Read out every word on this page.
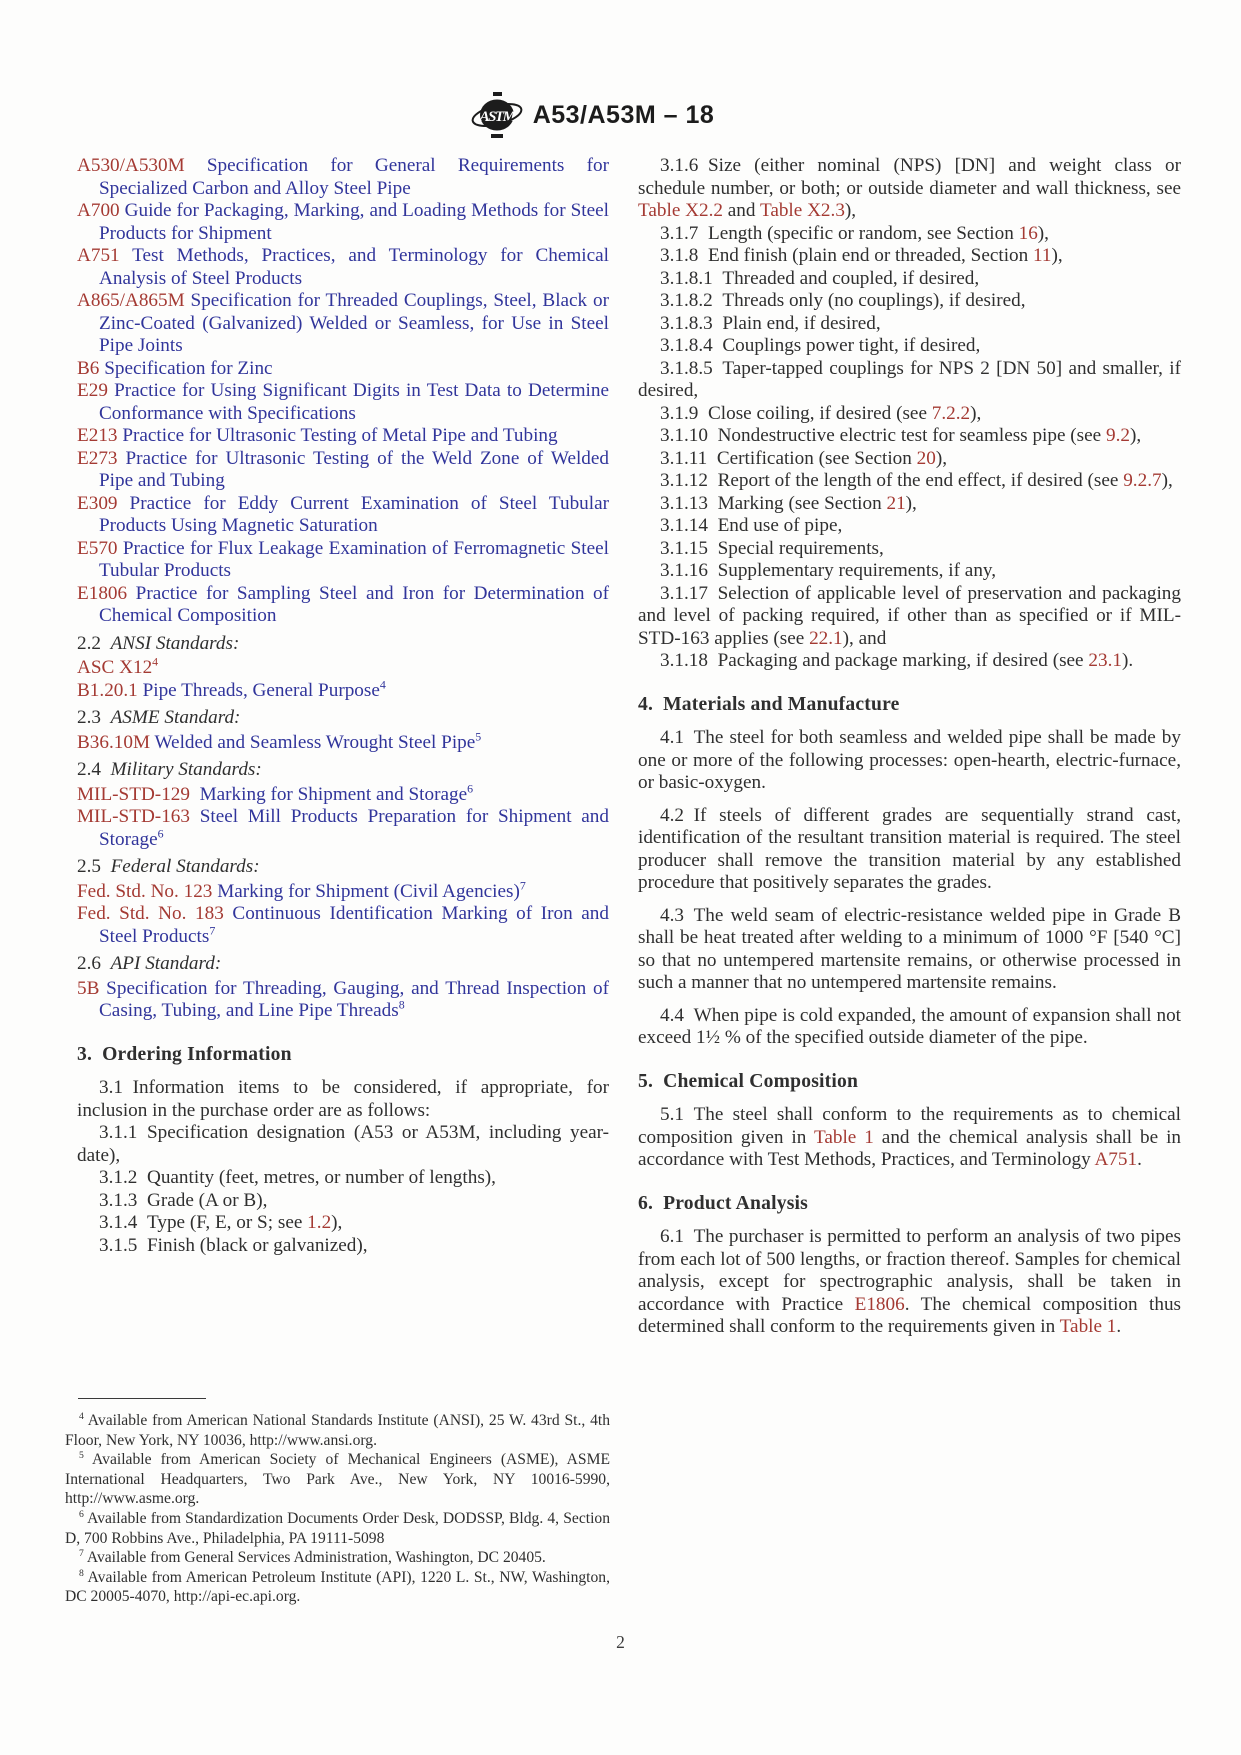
ASTM A53/A53M – 18
A530/A530M Specification for General Requirements for Specialized Carbon and Alloy Steel Pipe
A700 Guide for Packaging, Marking, and Loading Methods for Steel Products for Shipment
A751 Test Methods, Practices, and Terminology for Chemical Analysis of Steel Products
A865/A865M Specification for Threaded Couplings, Steel, Black or Zinc-Coated (Galvanized) Welded or Seamless, for Use in Steel Pipe Joints
B6 Specification for Zinc
E29 Practice for Using Significant Digits in Test Data to Determine Conformance with Specifications
E213 Practice for Ultrasonic Testing of Metal Pipe and Tubing
E273 Practice for Ultrasonic Testing of the Weld Zone of Welded Pipe and Tubing
E309 Practice for Eddy Current Examination of Steel Tubular Products Using Magnetic Saturation
E570 Practice for Flux Leakage Examination of Ferromagnetic Steel Tubular Products
E1806 Practice for Sampling Steel and Iron for Determination of Chemical Composition
2.2 ANSI Standards:
ASC $X12^4$
B1.20.1 Pipe Threads, General Purpose$^4$
2.3 ASME Standard:
B36.10M Welded and Seamless Wrought Steel Pipe$^5$
2.4 Military Standards:
MIL-STD-129 Marking for Shipment and Storage$^6$
MIL-STD-163 Steel Mill Products Preparation for Shipment and Storage$^6$
2.5 Federal Standards:
Fed. Std. No. 123 Marking for Shipment (Civil Agencies)$^7$
Fed. Std. No. 183 Continuous Identification Marking of Iron and Steel Products$^7$
2.6 API Standard:
5B Specification for Threading, Gauging, and Thread Inspection of Casing, Tubing, and Line Pipe Threads$^8$
3. Ordering Information
3.1 Information items to be considered, if appropriate, for inclusion in the purchase order are as follows:
3.1.1 Specification designation (A53 or A53M, including year-date),
3.1.2 Quantity (feet, metres, or number of lengths),
3.1.3 Grade (A or B),
3.1.4 Type (F, E, or S; see 1.2),
3.1.5 Finish (black or galvanized),
3.1.6 Size (either nominal (NPS) [DN] and weight class or schedule number, or both; or outside diameter and wall thickness, see Table X2.2 and Table X2.3),
3.1.7 Length (specific or random, see Section 16),
3.1.8 End finish (plain end or threaded, Section 11),
3.1.8.1 Threaded and coupled, if desired,
3.1.8.2 Threads only (no couplings), if desired,
3.1.8.3 Plain end, if desired,
3.1.8.4 Couplings power tight, if desired,
3.1.8.5 Taper-tapped couplings for NPS 2 [DN 50] and smaller, if desired,
3.1.9 Close coiling, if desired (see 7.2.2),
3.1.10 Nondestructive electric test for seamless pipe (see 9.2),
3.1.11 Certification (see Section 20),
3.1.12 Report of the length of the end effect, if desired (see 9.2.7),
3.1.13 Marking (see Section 21),
3.1.14 End use of pipe,
3.1.15 Special requirements,
3.1.16 Supplementary requirements, if any,
3.1.17 Selection of applicable level of preservation and packaging and level of packing required, if other than as specified or if MIL-STD-163 applies (see 22.1), and
3.1.18 Packaging and package marking, if desired (see 23.1).
4. Materials and Manufacture
4.1 The steel for both seamless and welded pipe shall be made by one or more of the following processes: open-hearth, electric-furnace, or basic-oxygen.
4.2 If steels of different grades are sequentially strand cast, identification of the resultant transition material is required. The steel producer shall remove the transition material by any established procedure that positively separates the grades.
4.3 The weld seam of electric-resistance welded pipe in Grade B shall be heat treated after welding to a minimum of 1000 °F [540 °C] so that no untempered martensite remains, or otherwise processed in such a manner that no untempered martensite remains.
4.4 When pipe is cold expanded, the amount of expansion shall not exceed 1½ % of the specified outside diameter of the pipe.
5. Chemical Composition
5.1 The steel shall conform to the requirements as to chemical composition given in Table 1 and the chemical analysis shall be in accordance with Test Methods, Practices, and Terminology A751.
6. Product Analysis
6.1 The purchaser is permitted to perform an analysis of two pipes from each lot of 500 lengths, or fraction thereof. Samples for chemical analysis, except for spectrographic analysis, shall be taken in accordance with Practice E1806. The chemical composition thus determined shall conform to the requirements given in Table 1.
$^4$ Available from American National Standards Institute (ANSI), 25 W. 43rd St., 4th Floor, New York, NY 10036, http://www.ansi.org.
$^5$ Available from American Society of Mechanical Engineers (ASME), ASME International Headquarters, Two Park Ave., New York, NY 10016-5990, http://www.asme.org.
$^6$ Available from Standardization Documents Order Desk, DODSSP, Bldg. 4, Section D, 700 Robbins Ave., Philadelphia, PA 19111-5098
$^7$ Available from General Services Administration, Washington, DC 20405.
$^8$ Available from American Petroleum Institute (API), 1220 L. St., NW, Washington, DC 20005-4070, http://api-ec.api.org.
2
